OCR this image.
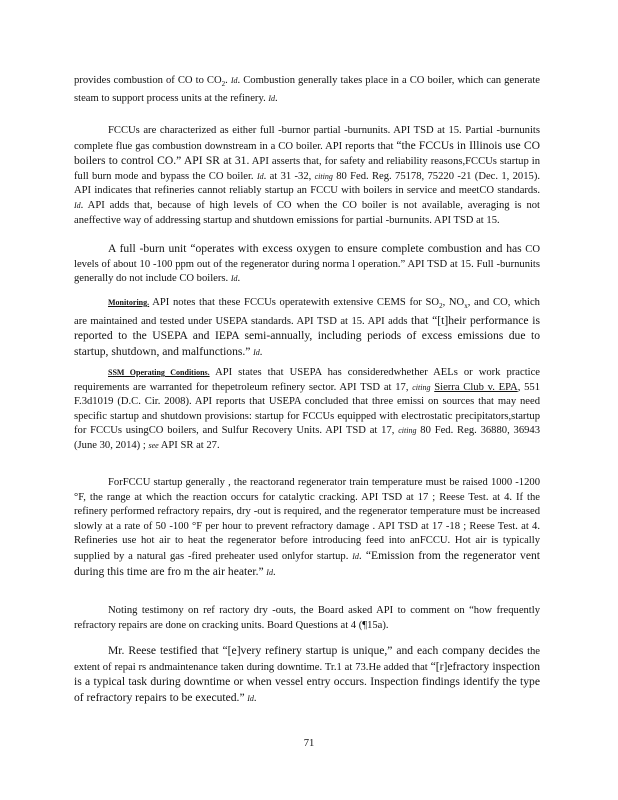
provides combustion of CO to $CO_2$. Id. Combustion generally takes place in a CO boiler, which can generate steam to support process units at the refinery. Id.

FCCUs are characterized as either full -burnor partial -burnunits. API TSD at 15. Partial -burnunits complete flue gas combustion downstream in a CO boiler. API reports that “the FCCUs in Illinois use CO boilers to control CO.” API SR at 31. API asserts that, for safety and reliability reasons,FCCUs startup in full burn mode and bypass the CO boiler. Id. at 31 -32, citing 80 Fed. Reg. 75178, 75220 -21 (Dec. 1, 2015). API indicates that refineries cannot reliably startup an FCCU with boilers in service and meetCO standards. Id. API adds that, because of high levels of CO when the CO boiler is not available, averaging is not aneffective way of addressing startup and shutdown emissions for partial -burnunits. API TSD at 15.

A full -burn unit “operates with excess oxygen to ensure complete combustion and has CO levels of about 10 -100 ppm out of the regenerator during norma l operation.” API TSD at 15. Full -burnunits generally do not include CO boilers. Id.

Monitoring. API notes that these FCCUs operatewith extensive CEMS for $SO_2$, $NO_x$, and CO, which are maintained and tested under USEPA standards. API TSD at 15. API adds that “[t]heir performance is reported to the USEPA and IEPA semi-annually, including periods of excess emissions due to startup, shutdown, and malfunctions.” Id.

SSM Operating Conditions. API states that USEPA has consideredwhether AELs or work practice requirements are warranted for thepetroleum refinery sector. API TSD at 17, citing Sierra Club v. EPA, 551 F.3d1019 (D.C. Cir. 2008). API reports that USEPA concluded that three emissi on sources that may need specific startup and shutdown provisions: startup for FCCUs equipped with electrostatic precipitators,startup for FCCUs usingCO boilers, and Sulfur Recovery Units. API TSD at 17, citing 80 Fed. Reg. 36880, 36943 (June 30, 2014) ; see API SR at 27.

ForFCCU startup generally , the reactorand regenerator train temperature must be raised 1000 -1200 °F, the range at which the reaction occurs for catalytic cracking. API TSD at 17 ; Reese Test. at 4. If the refinery performed refractory repairs, dry -out is required, and the regenerator temperature must be increased slowly at a rate of 50 -100 °F per hour to prevent refractory damage . API TSD at 17 -18 ; Reese Test. at 4. Refineries use hot air to heat the regenerator before introducing feed into anFCCU. Hot air is typically supplied by a natural gas -fired preheater used onlyfor startup. Id. “Emission from the regenerator vent during this time are fro m the air heater.” Id.

Noting testimony on ref ractory dry -outs, the Board asked API to comment on “how frequently refractory repairs are done on cracking units. Board Questions at 4 (¶15a).

Mr. Reese testified that “[e]very refinery startup is unique,” and each company decides the extent of repai rs andmaintenance taken during downtime. Tr.1 at 73.He added that “[r]efractory inspection is a typical task during downtime or when vessel entry occurs. Inspection findings identify the type of refractory repairs to be executed.” Id.

71
